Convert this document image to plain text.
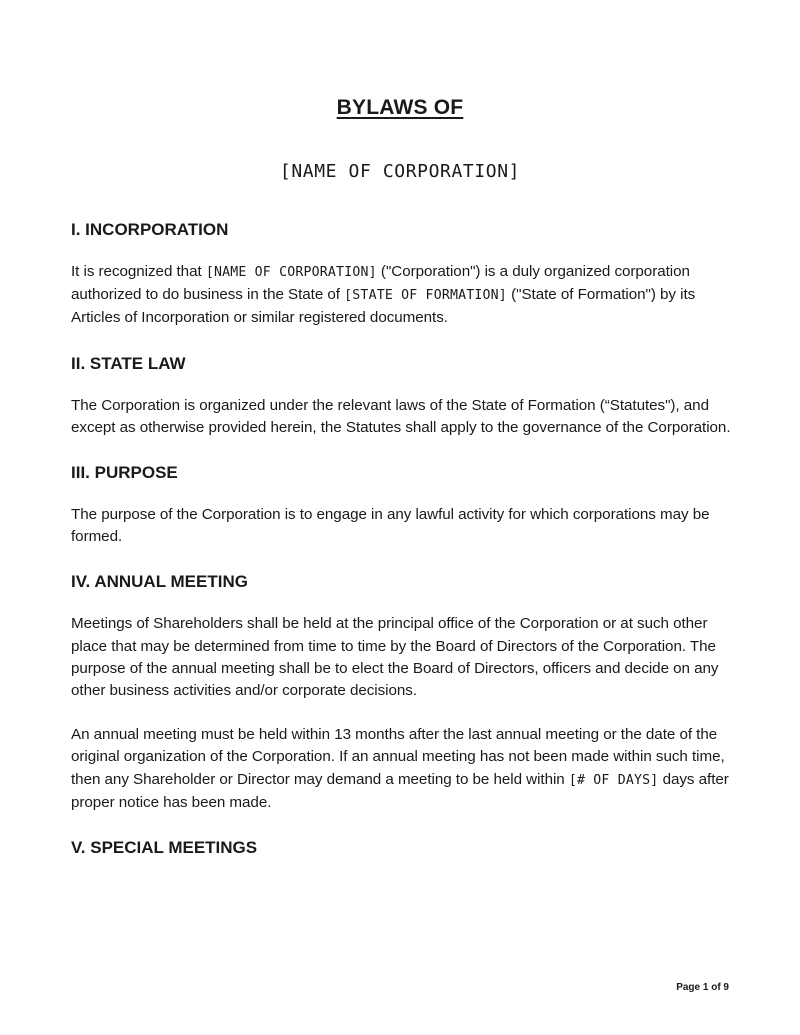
BYLAWS OF
[NAME OF CORPORATION]
I. INCORPORATION

It is recognized that [NAME OF CORPORATION] ("Corporation") is a duly organized corporation authorized to do business in the State of [STATE OF FORMATION] ("State of Formation") by its Articles of Incorporation or similar registered documents.

II. STATE LAW

The Corporation is organized under the relevant laws of the State of Formation (“Statutes"), and except as otherwise provided herein, the Statutes shall apply to the governance of the Corporation.

III. PURPOSE

The purpose of the Corporation is to engage in any lawful activity for which corporations may be formed.

IV. ANNUAL MEETING

Meetings of Shareholders shall be held at the principal office of the Corporation or at such other place that may be determined from time to time by the Board of Directors of the Corporation. The purpose of the annual meeting shall be to elect the Board of Directors, officers and decide on any other business activities and/or corporate decisions.

An annual meeting must be held within 13 months after the last annual meeting or the date of the original organization of the Corporation. If an annual meeting has not been made within such time, then any Shareholder or Director may demand a meeting to be held within [# OF DAYS] days after proper notice has been made.

V. SPECIAL MEETINGS
Page 1 of 9
